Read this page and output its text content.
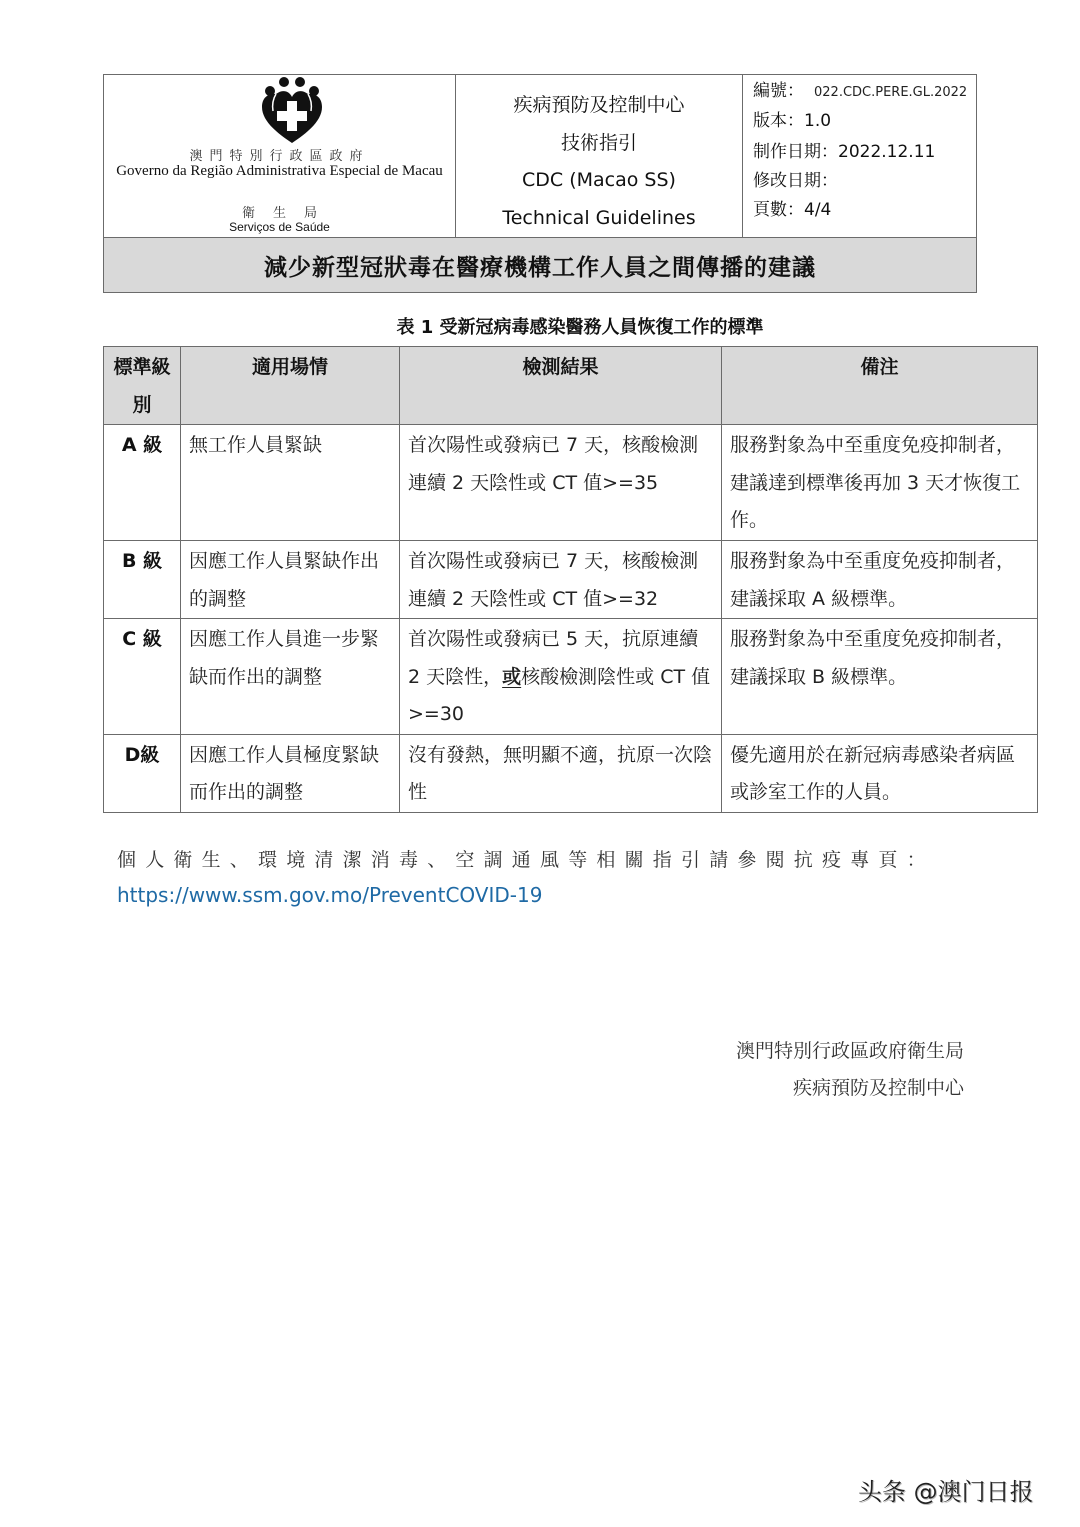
澳門特別行政區政府
Governo da Região Administrativa Especial de Macau
衛生局
Serviços de Saúde
疾病預防及控制中心
技術指引
CDC (Macao SS)
Technical Guidelines
編號： 022.CDC.PERE.GL.2022
版本：1.0
制作日期：2022.12.11
修改日期：
頁數：4/4
減少新型冠狀毒在醫療機構工作人員之間傳播的建議
表 1 受新冠病毒感染醫務人員恢復工作的標準
標準級別	適用場情	檢測結果	備注
A 級	無工作人員緊缺	首次陽性或發病已 7 天，核酸檢測連續 2 天陰性或 CT 值>=35	服務對象為中至重度免疫抑制者，建議達到標準後再加 3 天才恢復工作。
B 級	因應工作人員緊缺作出的調整	首次陽性或發病已 7 天，核酸檢測連續 2 天陰性或 CT 值>=32	服務對象為中至重度免疫抑制者，建議採取 A 級標準。
C 級	因應工作人員進一步緊缺而作出的調整	首次陽性或發病已 5 天，抗原連續 2 天陰性，或核酸檢測陰性或 CT 值>=30	服務對象為中至重度免疫抑制者，建議採取 B 級標準。
D級	因應工作人員極度緊缺而作出的調整	沒有發熱，無明顯不適，抗原一次陰性	優先適用於在新冠病毒感染者病區或診室工作的人員。
個人衛生、環境清潔消毒、空調通風等相關指引請參閱抗疫專頁：
https://www.ssm.gov.mo/PreventCOVID-19
澳門特別行政區政府衛生局
疾病預防及控制中心
头条 @澳门日报
